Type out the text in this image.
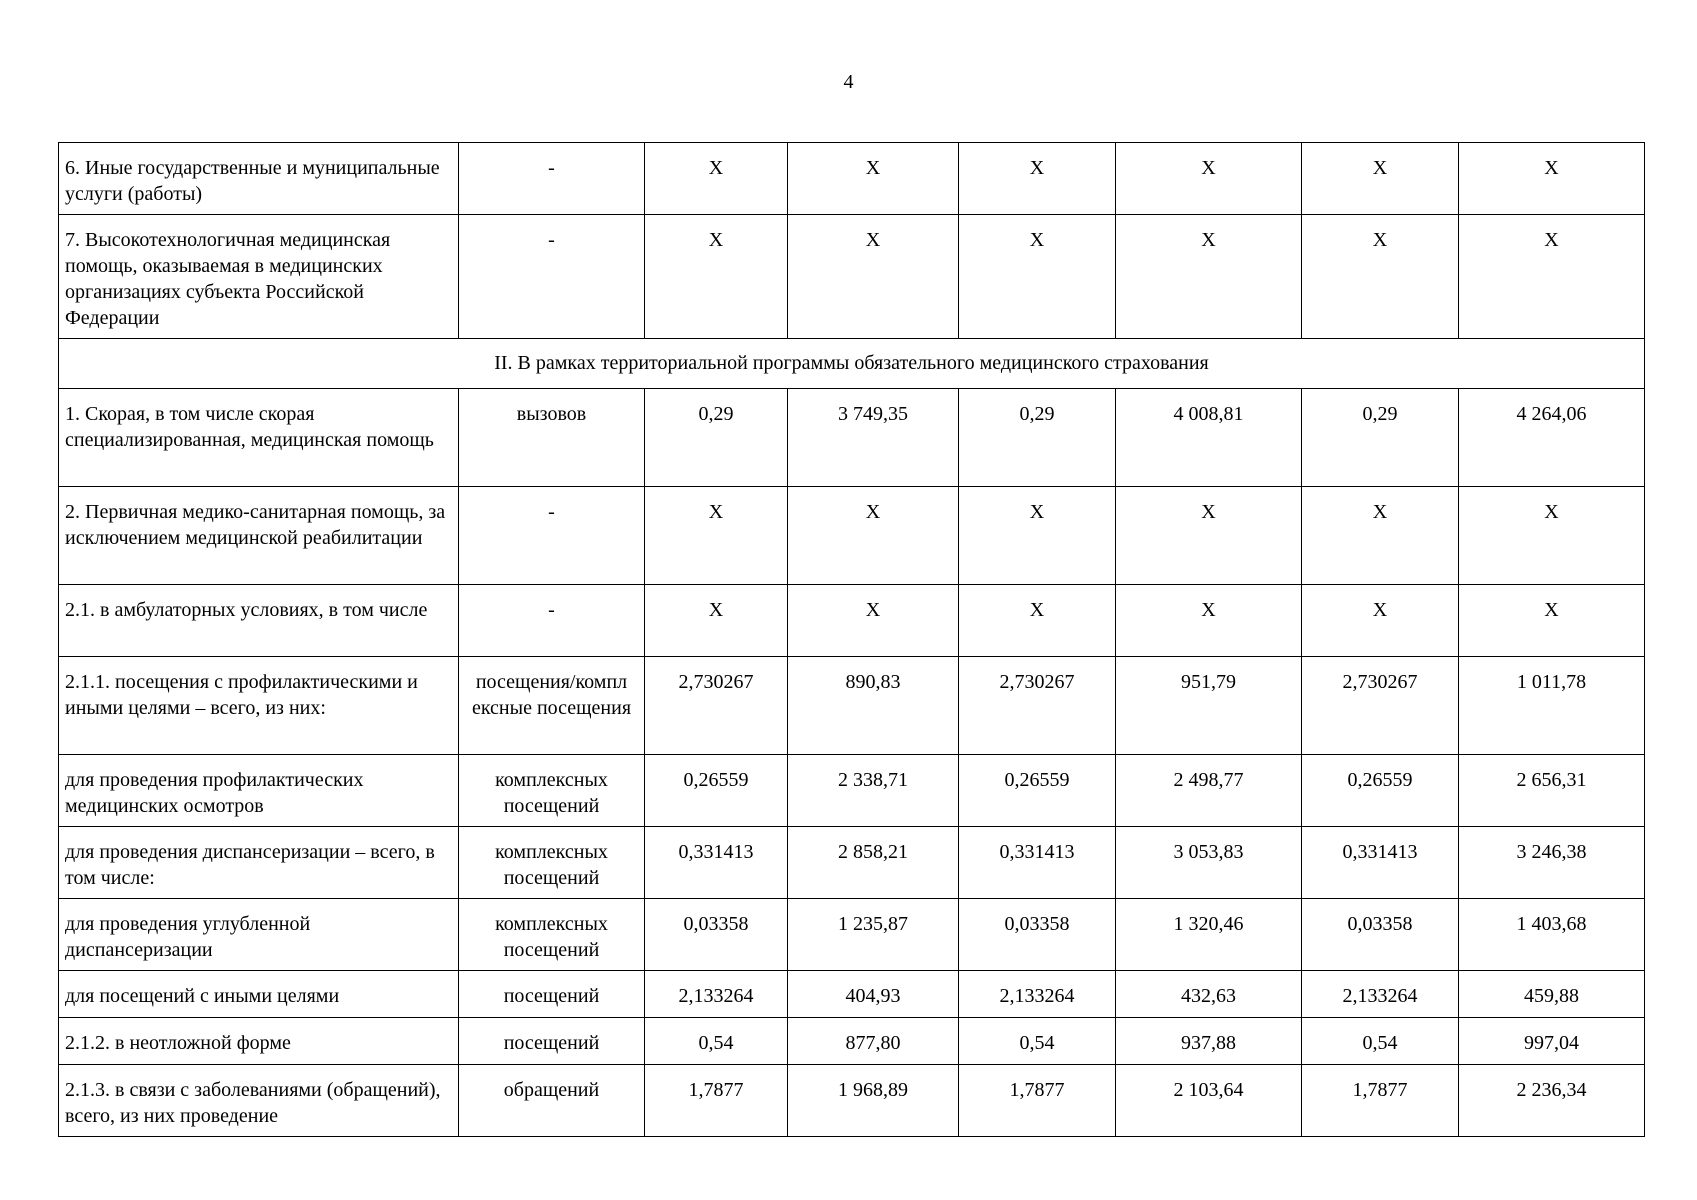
4
6. Иные государственные и муниципальные услуги (работы)	-	X	X	X	X	X	X
7. Высокотехнологичная медицинская помощь, оказываемая в медицинских организациях субъекта Российской Федерации	-	X	X	X	X	X	X
II. В рамках территориальной программы обязательного медицинского страхования							
1. Скорая, в том числе скорая специализированная, медицинская помощь	вызовов	0,29	3 749,35	0,29	4 008,81	0,29	4 264,06
2. Первичная медико-санитарная помощь, за исключением медицинской реабилитации	-	X	X	X	X	X	X
2.1. в амбулаторных условиях, в том числе	-	X	X	X	X	X	X
2.1.1. посещения с профилактическими и иными целями – всего, из них:	посещения/компл ексные посещения	2,730267	890,83	2,730267	951,79	2,730267	1 011,78
для проведения профилактических медицинских осмотров	комплексных посещений	0,26559	2 338,71	0,26559	2 498,77	0,26559	2 656,31
для проведения диспансеризации – всего, в том числе:	комплексных посещений	0,331413	2 858,21	0,331413	3 053,83	0,331413	3 246,38
для проведения углубленной диспансеризации	комплексных посещений	0,03358	1 235,87	0,03358	1 320,46	0,03358	1 403,68
для посещений с иными целями	посещений	2,133264	404,93	2,133264	432,63	2,133264	459,88
2.1.2. в неотложной форме	посещений	0,54	877,80	0,54	937,88	0,54	997,04
2.1.3. в связи с заболеваниями (обращений), всего, из них проведение	обращений	1,7877	1 968,89	1,7877	2 103,64	1,7877	2 236,34
